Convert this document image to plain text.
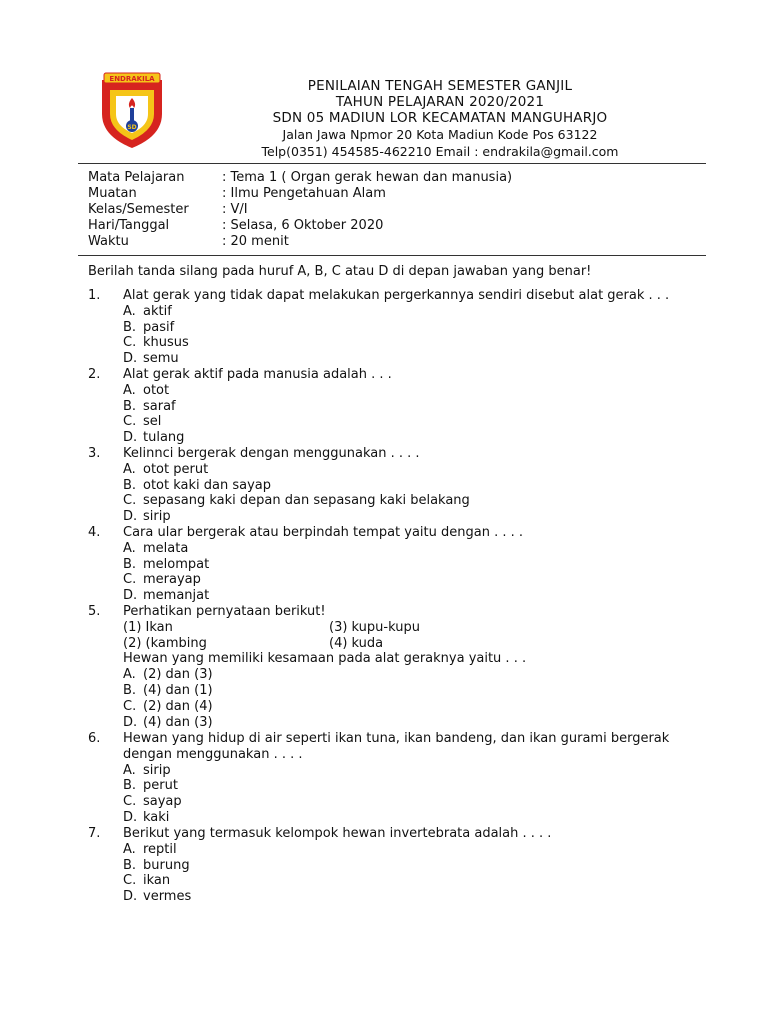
ENDRAKILA
SD
PENILAIAN TENGAH SEMESTER GANJIL
TAHUN PELAJARAN 2020/2021
SDN 05 MADIUN LOR KECAMATAN MANGUHARJO
Jalan Jawa Npmor 20 Kota Madiun Kode Pos 63122
Telp(0351) 454585-462210 Email : endrakila@gmail.com
Mata Pelajaran	: Tema 1 ( Organ gerak hewan dan manusia)
Muatan	: Ilmu Pengetahuan Alam
Kelas/Semester	: V/I
Hari/Tanggal	: Selasa, 6 Oktober 2020
Waktu	: 20 menit
Berilah tanda silang pada huruf A, B, C atau D di depan jawaban yang benar!
1. Alat gerak yang tidak dapat melakukan pergerkannya sendiri disebut alat gerak . . .
A. aktif
B. pasif
C. khusus
D. semu
2. Alat gerak aktif pada manusia adalah . . .
A. otot
B. saraf
C. sel
D. tulang
3. Kelinnci bergerak dengan menggunakan . . . .
A. otot perut
B. otot kaki dan sayap
C. sepasang kaki depan dan sepasang kaki belakang
D. sirip
4. Cara ular bergerak atau berpindah tempat yaitu dengan . . . .
A. melata
B. melompat
C. merayap
D. memanjat
5. Perhatikan pernyataan berikut!
(1) Ikan	(3) kupu-kupu
(2) (kambing	(4) kuda
Hewan yang memiliki kesamaan pada alat geraknya yaitu . . .
A. (2) dan (3)
B. (4) dan (1)
C. (2) dan (4)
D. (4) dan (3)
6. Hewan yang hidup di air seperti ikan tuna, ikan bandeng, dan ikan gurami bergerak
dengan menggunakan . . . .
A. sirip
B. perut
C. sayap
D. kaki
7. Berikut yang termasuk kelompok hewan invertebrata adalah . . . .
A. reptil
B. burung
C. ikan
D. vermes
